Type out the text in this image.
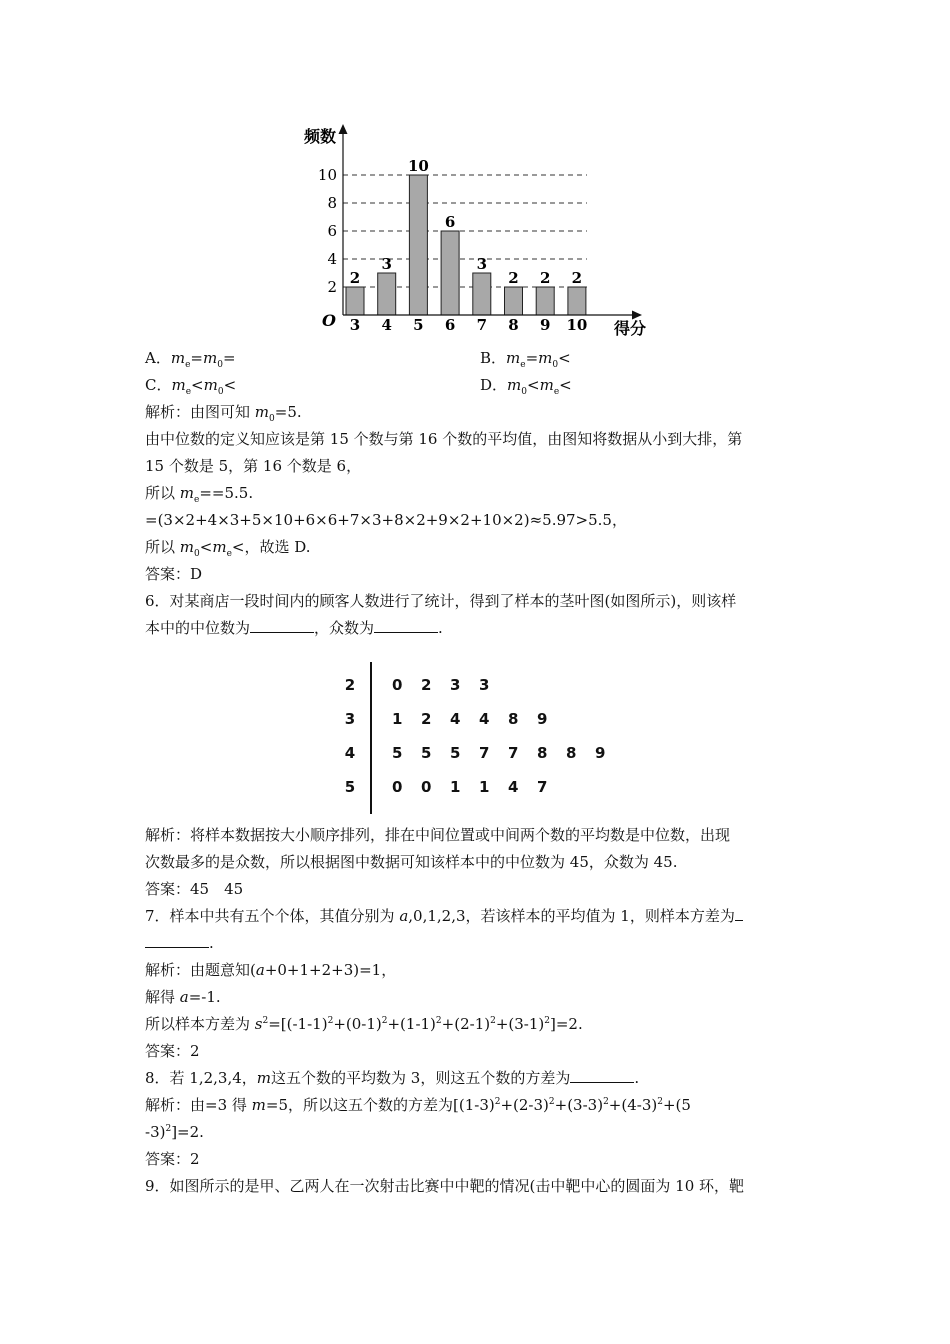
2
4
6
8
10
2
3
3
4
10
5
6
6
3
7
2
8
2
9
2
10
频数
得分
O
A．$m_e=m_0=$	B．$m_e=m_0<$
C．$m_e<m_0<$	D．$m_0<m_e<$
解析：由图可知 $m_0=5$.
由中位数的定义知应该是第 15 个数与第 16 个数的平均值，由图知将数据从小到大排，第
15 个数是 5，第 16 个数是 6，
所以 $m_e==5.5$.
=(3×2+4×3+5×10+6×6+7×3+8×2+9×2+10×2)≈5.97>5.5，
所以 $m_0<m_e<$，故选 D.
答案：D
6．对某商店一段时间内的顾客人数进行了统计，得到了样本的茎叶图(如图所示)，则该样
本中的中位数为	，众数为	.
2	0	2	3	3
3	1	2	4	4	8	9
4	5	5	5	7	7	8	8	9
5	0	0	1	1	4	7
解析：将样本数据按大小顺序排列，排在中间位置或中间两个数的平均数是中位数，出现
次数最多的是众数，所以根据图中数据可知该样本中的中位数为 45，众数为 45.
答案：45　45
7．样本中共有五个个体，其值分别为 a,0,1,2,3，若该样本的平均值为 1，则样本方差为
.
解析：由题意知(a+0+1+2+3)=1，
解得 a=-1.
所以样本方差为 $s^2=[(-1-1)^2+(0-1)^2+(1-1)^2+(2-1)^2+(3-1)^2]=2$.
答案：2
8．若 1,2,3,4，m这五个数的平均数为 3，则这五个数的方差为	.
解析：由=3 得 m=5，所以这五个数的方差为[$(1-3)^2+(2-3)^2+(3-3)^2+(4-3)^2+(5$
-3)$^2$]=2.
答案：2
9．如图所示的是甲、乙两人在一次射击比赛中中靶的情况(击中靶中心的圆面为 10 环，靶
